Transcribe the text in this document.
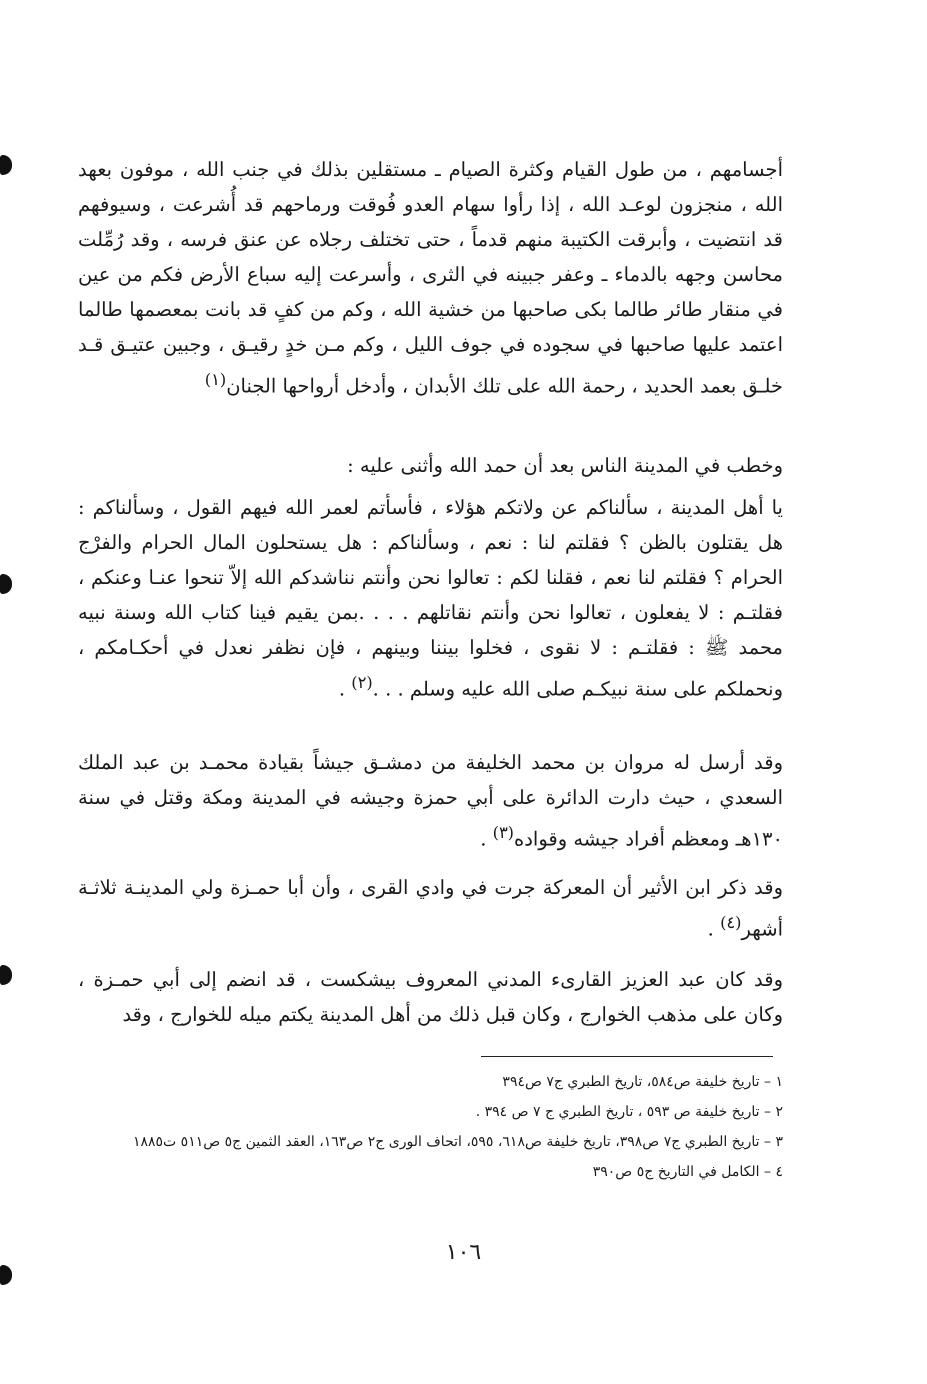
أجسامهم ، من طول القيام وكثرة الصيام ـ مستقلين بذلك في جنب الله ، موفون بعهد الله ، منجزون لوعـد الله ، إذا رأوا سهام العدو فُوقت ورماحهم قد أُشرعت ، وسيوفهم قد انتضيت ، وأبرقت الكتيبة منهم قدماً ، حتى تختلف رجلاه عن عنق فرسه ، وقد رُمِّلت محاسن وجهه بالدماء ـ وعفر جبينه في الثرى ، وأسرعت إليه سباع الأرض فكم من عين في منقار طائر طالما بكى صاحبها من خشية الله ، وكم من كفٍ قد بانت بمعصمها طالما اعتمد عليها صاحبها في سجوده في جوف الليل ، وكم مـن خدٍ رقيـق ، وجبين عتيـق قـد خلـق بعمد الحديد ، رحمة الله على تلك الأبدان ، وأدخل أرواحها الجنان$^{(١)}$

وخطب في المدينة الناس بعد أن حمد الله وأثنى عليه :

يا أهل المدينة ، سألناكم عن ولاتكم هؤلاء ، فأسأتم لعمر الله فيهم القول ، وسألناكم : هل يقتلون بالظن ؟ فقلتم لنا : نعم ، وسألناكم : هل يستحلون المال الحرام والفرْج الحرام ؟ فقلتم لنا نعم ، فقلنا لكم : تعالوا نحن وأنتم نناشدكم الله إلاّ تنحوا عنـا وعنكم ، فقلتـم : لا يفعلون ، تعالوا نحن وأنتم نقاتلهم . . . .بمن يقيم فينا كتاب الله وسنة نبيه محمد ﷺ : فقلتـم : لا نقوى ، فخلوا بيننا وبينهم ، فإن نظفر نعدل في أحكـامكم ، ونحملكم على سنة نبيكـم صلى الله عليه وسلم . . .$^{(٢)}$ .

وقد أرسل له مروان بن محمد الخليفة من دمشـق جيشاً بقيادة محمـد بن عبد الملك السعدي ، حيث دارت الدائرة على أبي حمزة وجيشه في المدينة ومكة وقتل في سنة ١٣٠هـ ومعظم أفراد جيشه وقواده$^{(٣)}$ .

وقد ذكر ابن الأثير أن المعركة جرت في وادي القرى ، وأن أبا حمـزة ولي المدينـة ثلاثـة أشهر$^{(٤)}$ .

وقد كان عبد العزيز القارىء المدني المعروف بيشكست ، قد انضم إلى أبي حمـزة ، وكان على مذهب الخوارج ، وكان قبل ذلك من أهل المدينة يكتم ميله للخوارج ، وقد

١ – تاريخ خليفة ص٥٨٤، تاريخ الطبري ج٧ ص٣٩٤

٢ – تاريخ خليفة ص ٥٩٣ ، تاريخ الطبري ج ٧ ص ٣٩٤ .

٣ – تاريخ الطبري ج٧ ص٣٩٨، تاريخ خليفة ص٦١٨، ٥٩٥، اتحاف الورى ج٢ ص١٦٣، العقد الثمين ج٥ ص٥١١ ت١٨٨٥

٤ – الكامل في التاريخ ج٥ ص٣٩٠

١٠٦
